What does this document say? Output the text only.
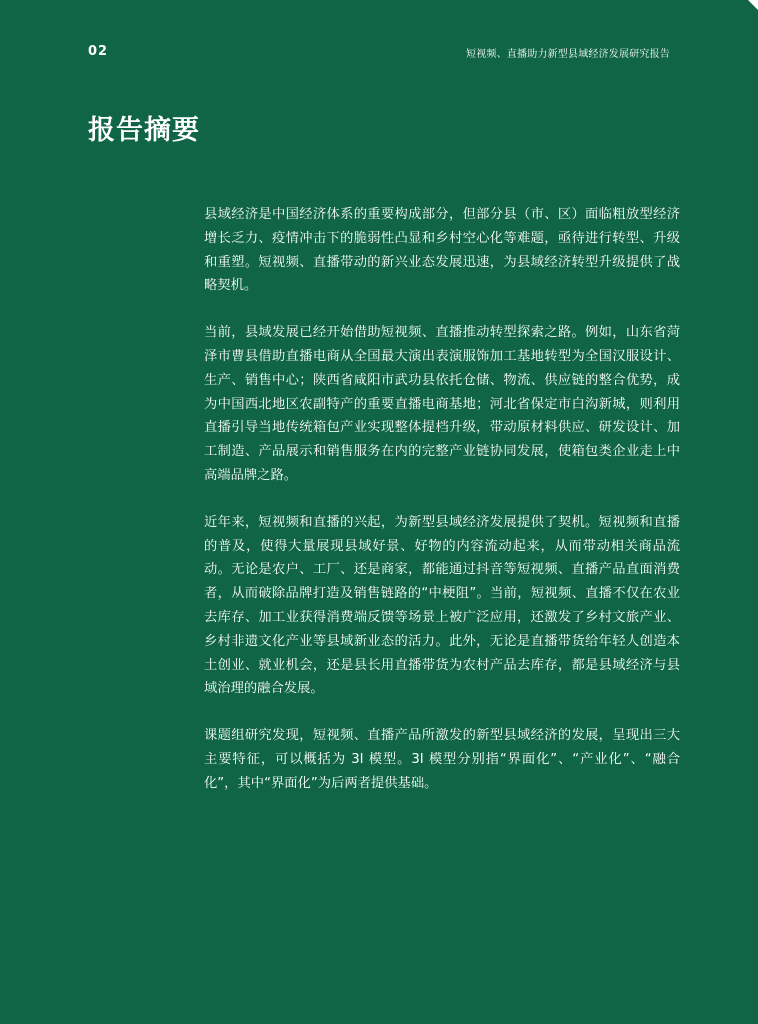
02	短视频、直播助力新型县域经济发展研究报告
报告摘要

县域经济是中国经济体系的重要构成部分，但部分县（市、区）面临粗放型经济增长乏力、疫情冲击下的脆弱性凸显和乡村空心化等难题，亟待进行转型、升级和重塑。短视频、直播带动的新兴业态发展迅速，为县域经济转型升级提供了战略契机。

当前，县域发展已经开始借助短视频、直播推动转型探索之路。例如，山东省菏泽市曹县借助直播电商从全国最大演出表演服饰加工基地转型为全国汉服设计、生产、销售中心；陕西省咸阳市武功县依托仓储、物流、供应链的整合优势，成为中国西北地区农副特产的重要直播电商基地；河北省保定市白沟新城，则利用直播引导当地传统箱包产业实现整体提档升级，带动原材料供应、研发设计、加工制造、产品展示和销售服务在内的完整产业链协同发展，使箱包类企业走上中高端品牌之路。

近年来，短视频和直播的兴起，为新型县域经济发展提供了契机。短视频和直播的普及，使得大量展现县域好景、好物的内容流动起来，从而带动相关商品流动。无论是农户、工厂、还是商家，都能通过抖音等短视频、直播产品直面消费者，从而破除品牌打造及销售链路的“中梗阻”。当前，短视频、直播不仅在农业去库存、加工业获得消费端反馈等场景上被广泛应用，还激发了乡村文旅产业、乡村非遗文化产业等县域新业态的活力。此外，无论是直播带货给年轻人创造本土创业、就业机会，还是县长用直播带货为农村产品去库存，都是县域经济与县域治理的融合发展。

课题组研究发现，短视频、直播产品所激发的新型县域经济的发展，呈现出三大主要特征，可以概括为 3I 模型。3I 模型分别指“界面化”、“产业化”、“融合化”，其中“界面化”为后两者提供基础。
